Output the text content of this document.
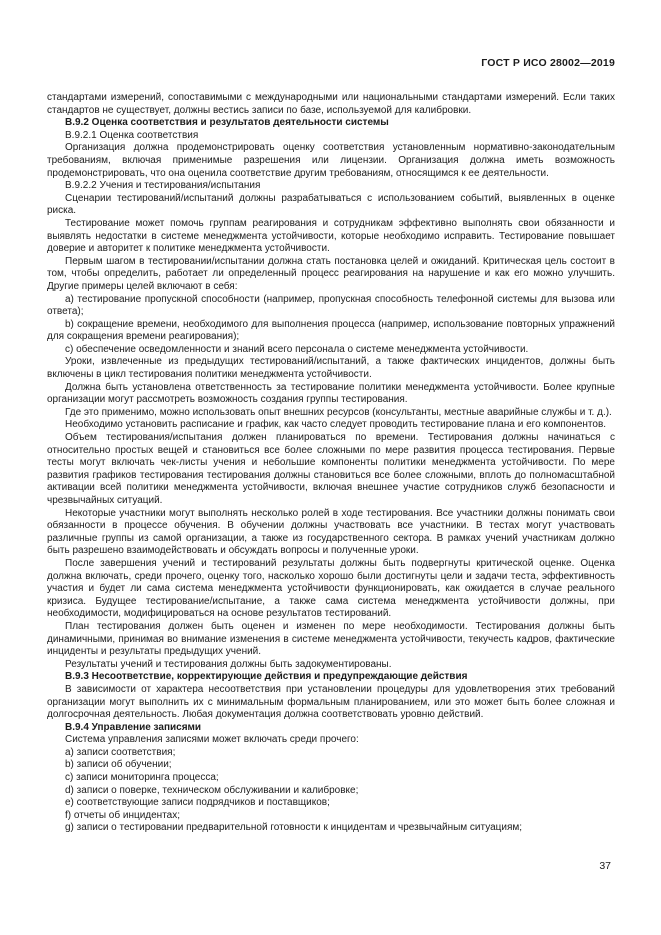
ГОСТ Р ИСО 28002—2019

стандартами измерений, сопоставимыми с международными или национальными стандартами измерений. Если таких стандартов не существует, должны вестись записи по базе, используемой для калибровки.

В.9.2 Оценка соответствия и результатов деятельности системы

В.9.2.1 Оценка соответствия

Организация должна продемонстрировать оценку соответствия установленным нормативно-законодательным требованиям, включая применимые разрешения или лицензии. Организация должна иметь возможность продемонстрировать, что она оценила соответствие другим требованиям, относящимся к ее деятельности.

В.9.2.2 Учения и тестирования/испытания

Сценарии тестирований/испытаний должны разрабатываться с использованием событий, выявленных в оценке риска.

Тестирование может помочь группам реагирования и сотрудникам эффективно выполнять свои обязанности и выявлять недостатки в системе менеджмента устойчивости, которые необходимо исправить. Тестирование повышает доверие и авторитет к политике менеджмента устойчивости.

Первым шагом в тестировании/испытании должна стать постановка целей и ожиданий. Критическая цель состоит в том, чтобы определить, работает ли определенный процесс реагирования на нарушение и как его можно улучшить. Другие примеры целей включают в себя:

a) тестирование пропускной способности (например, пропускная способность телефонной системы для вызова или ответа);

b) сокращение времени, необходимого для выполнения процесса (например, использование повторных упражнений для сокращения времени реагирования);

c) обеспечение осведомленности и знаний всего персонала о системе менеджмента устойчивости.

Уроки, извлеченные из предыдущих тестирований/испытаний, а также фактических инцидентов, должны быть включены в цикл тестирования политики менеджмента устойчивости.

Должна быть установлена ответственность за тестирование политики менеджмента устойчивости. Более крупные организации могут рассмотреть возможность создания группы тестирования.

Где это применимо, можно использовать опыт внешних ресурсов (консультанты, местные аварийные службы и т. д.).

Необходимо установить расписание и график, как часто следует проводить тестирование плана и его компонентов.

Объем тестирования/испытания должен планироваться по времени. Тестирования должны начинаться с относительно простых вещей и становиться все более сложными по мере развития процесса тестирования. Первые тесты могут включать чек-листы учения и небольшие компоненты политики менеджмента устойчивости. По мере развития графиков тестирования тестирования должны становиться все более сложными, вплоть до полномасштабной активации всей политики менеджмента устойчивости, включая внешнее участие сотрудников служб безопасности и чрезвычайных ситуаций.

Некоторые участники могут выполнять несколько ролей в ходе тестирования. Все участники должны понимать свои обязанности в процессе обучения. В обучении должны участвовать все участники. В тестах могут участвовать различные группы из самой организации, а также из государственного сектора. В рамках учений участникам должно быть разрешено взаимодействовать и обсуждать вопросы и полученные уроки.

После завершения учений и тестирований результаты должны быть подвергнуты критической оценке. Оценка должна включать, среди прочего, оценку того, насколько хорошо были достигнуты цели и задачи теста, эффективность участия и будет ли сама система менеджмента устойчивости функционировать, как ожидается в случае реального кризиса. Будущее тестирование/испытание, а также сама система менеджмента устойчивости должны, при необходимости, модифицироваться на основе результатов тестирований.

План тестирования должен быть оценен и изменен по мере необходимости. Тестирования должны быть динамичными, принимая во внимание изменения в системе менеджмента устойчивости, текучесть кадров, фактические инциденты и результаты предыдущих учений.

Результаты учений и тестирования должны быть задокументированы.

В.9.3 Несоответствие, корректирующие действия и предупреждающие действия

В зависимости от характера несоответствия при установлении процедуры для удовлетворения этих требований организации могут выполнить их с минимальным формальным планированием, или это может быть более сложная и долгосрочная деятельность. Любая документация должна соответствовать уровню действий.

В.9.4 Управление записями

Система управления записями может включать среди прочего:

a) записи соответствия;

b) записи об обучении;

c) записи мониторинга процесса;

d) записи о поверке, техническом обслуживании и калибровке;

e) соответствующие записи подрядчиков и поставщиков;

f) отчеты об инцидентах;

g) записи о тестировании предварительной готовности к инцидентам и чрезвычайным ситуациям;

37
